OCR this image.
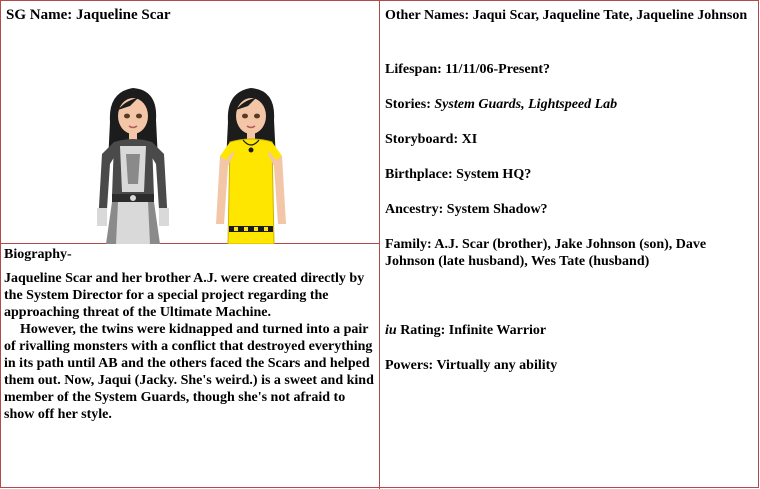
SG Name: Jaqueline Scar
Biography-

Jaqueline Scar and her brother A.J. were created directly by the System Director for a special project regarding the approaching threat of the Ultimate Machine.

However, the twins were kidnapped and turned into a pair of rivalling monsters with a conflict that destroyed everything in its path until AB and the others faced the Scars and helped them out. Now, Jaqui (Jacky. She's weird.) is a sweet and kind member of the System Guards, though she's not afraid to show off her style.

Other Names: Jaqui Scar, Jaqueline Tate, Jaqueline Johnson
Lifespan: 11/11/06-Present?
Stories: System Guards, Lightspeed Lab
Storyboard: XI
Birthplace: System HQ?
Ancestry: System Shadow?
Family: A.J. Scar (brother), Jake Johnson (son), Dave Johnson (late husband), Wes Tate (husband)
iu Rating: Infinite Warrior
Powers: Virtually any ability
